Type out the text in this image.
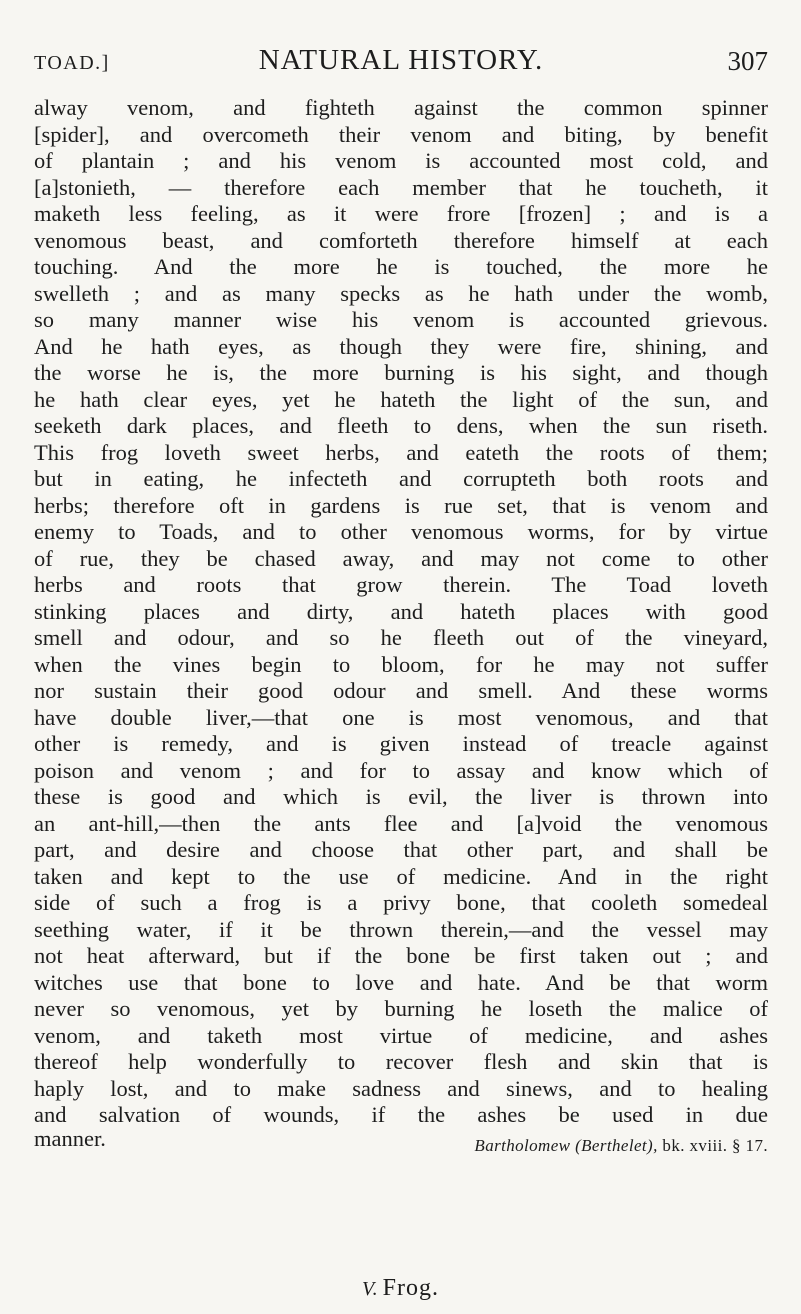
TOAD.]	NATURAL HISTORY.	307
alway venom, and fighteth against the common spinner
[spider], and overcometh their venom and biting, by benefit
of plantain ; and his venom is accounted most cold, and
[a]stonieth, — therefore each member that he toucheth, it
maketh less feeling, as it were frore [frozen] ; and is a
venomous beast, and comforteth therefore himself at each
touching. And the more he is touched, the more he
swelleth ; and as many specks as he hath under the womb,
so many manner wise his venom is accounted grievous.
And he hath eyes, as though they were fire, shining, and
the worse he is, the more burning is his sight, and though
he hath clear eyes, yet he hateth the light of the sun, and
seeketh dark places, and fleeth to dens, when the sun riseth.
This frog loveth sweet herbs, and eateth the roots of them;
but in eating, he infecteth and corrupteth both roots and
herbs; therefore oft in gardens is rue set, that is venom and
enemy to Toads, and to other venomous worms, for by virtue
of rue, they be chased away, and may not come to other
herbs and roots that grow therein. The Toad loveth
stinking places and dirty, and hateth places with good
smell and odour, and so he fleeth out of the vineyard,
when the vines begin to bloom, for he may not suffer
nor sustain their good odour and smell. And these worms
have double liver,—that one is most venomous, and that
other is remedy, and is given instead of treacle against
poison and venom ; and for to assay and know which of
these is good and which is evil, the liver is thrown into
an ant-hill,—then the ants flee and [a]void the venomous
part, and desire and choose that other part, and shall be
taken and kept to the use of medicine. And in the right
side of such a frog is a privy bone, that cooleth somedeal
seething water, if it be thrown therein,—and the vessel may
not heat afterward, but if the bone be first taken out ; and
witches use that bone to love and hate. And be that worm
never so venomous, yet by burning he loseth the malice of
venom, and taketh most virtue of medicine, and ashes
thereof help wonderfully to recover flesh and skin that is
haply lost, and to make sadness and sinews, and to healing
and salvation of wounds, if the ashes be used in due
manner.	Bartholomew (Berthelet), bk. xviii. § 17.
V. Frog.
